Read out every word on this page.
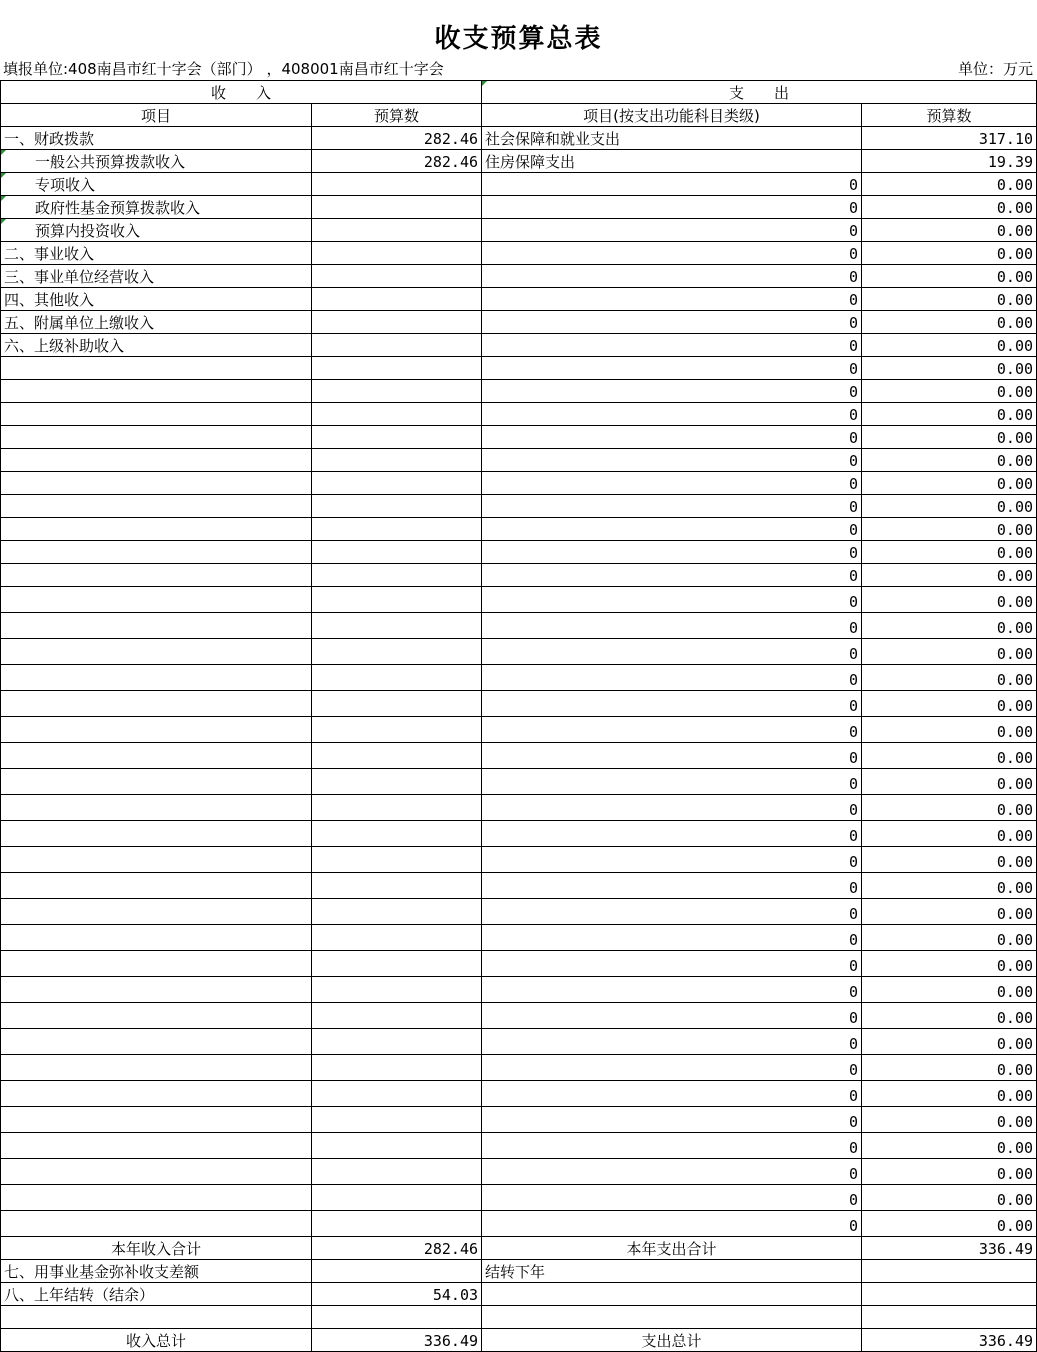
收支预算总表
填报单位:408南昌市红十字会（部门） ，408001南昌市红十字会	单位：万元
收　　入		支　　出	
项目	预算数	项目(按支出功能科目类级)	预算数
一、财政拨款	282.46	社会保障和就业支出	317.10
一般公共预算拨款收入	282.46	住房保障支出	19.39
专项收入		0	0.00
政府性基金预算拨款收入		0	0.00
预算内投资收入		0	0.00
二、事业收入		0	0.00
三、事业单位经营收入		0	0.00
四、其他收入		0	0.00
五、附属单位上缴收入		0	0.00
六、上级补助收入		0	0.00
		0	0.00
		0	0.00
		0	0.00
		0	0.00
		0	0.00
		0	0.00
		0	0.00
		0	0.00
		0	0.00
		0	0.00
		0	0.00
		0	0.00
		0	0.00
		0	0.00
		0	0.00
		0	0.00
		0	0.00
		0	0.00
		0	0.00
		0	0.00
		0	0.00
		0	0.00
		0	0.00
		0	0.00
		0	0.00
		0	0.00
		0	0.00
		0	0.00
		0	0.00
		0	0.00
		0	0.00
		0	0.00
		0	0.00
		0	0.00
		0	0.00
本年收入合计	282.46	本年支出合计	336.49
七、用事业基金弥补收支差额		结转下年	
八、上年结转（结余）	54.03		

收入总计	336.49	支出总计	336.49
